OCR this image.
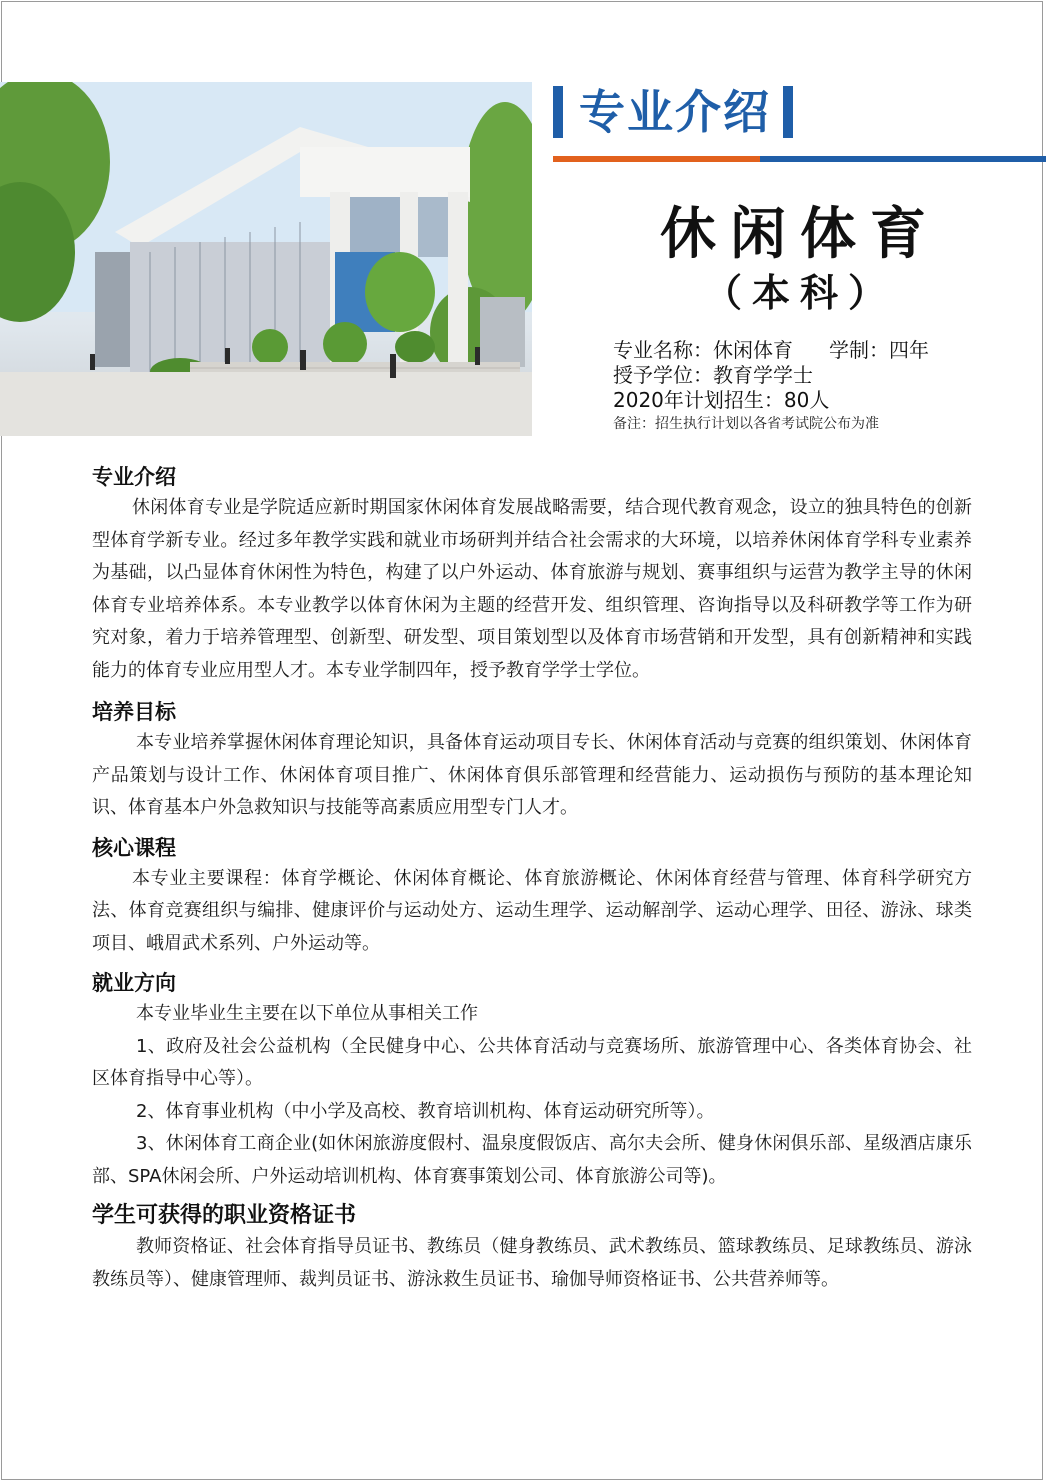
专业介绍
休闲体育
（本科）
专业名称：休闲体育 学制：四年
授予学位：教育学学士
2020年计划招生：80人
备注：招生执行计划以各省考试院公布为准
专业介绍

休闲体育专业是学院适应新时期国家休闲体育发展战略需要，结合现代教育观念，设立的独具特色的创新型体育学新专业。经过多年教学实践和就业市场研判并结合社会需求的大环境，以培养休闲体育学科专业素养为基础，以凸显体育休闲性为特色，构建了以户外运动、体育旅游与规划、赛事组织与运营为教学主导的休闲体育专业培养体系。本专业教学以体育休闲为主题的经营开发、组织管理、咨询指导以及科研教学等工作为研究对象，着力于培养管理型、创新型、研发型、项目策划型以及体育市场营销和开发型，具有创新精神和实践能力的体育专业应用型人才。本专业学制四年，授予教育学学士学位。

培养目标

本专业培养掌握休闲体育理论知识，具备体育运动项目专长、休闲体育活动与竞赛的组织策划、休闲体育产品策划与设计工作、休闲体育项目推广、休闲体育俱乐部管理和经营能力、运动损伤与预防的基本理论知识、体育基本户外急救知识与技能等高素质应用型专门人才。

核心课程

本专业主要课程：体育学概论、休闲体育概论、体育旅游概论、休闲体育经营与管理、体育科学研究方法、体育竞赛组织与编排、健康评价与运动处方、运动生理学、运动解剖学、运动心理学、田径、游泳、球类项目、峨眉武术系列、户外运动等。

就业方向

本专业毕业生主要在以下单位从事相关工作

1、政府及社会公益机构（全民健身中心、公共体育活动与竞赛场所、旅游管理中心、各类体育协会、社区体育指导中心等）。

2、体育事业机构（中小学及高校、教育培训机构、体育运动研究所等）。

3、休闲体育工商企业(如休闲旅游度假村、温泉度假饭店、高尔夫会所、健身休闲俱乐部、星级酒店康乐部、SPA休闲会所、户外运动培训机构、体育赛事策划公司、体育旅游公司等)。

学生可获得的职业资格证书

教师资格证、社会体育指导员证书、教练员（健身教练员、武术教练员、篮球教练员、足球教练员、游泳教练员等）、健康管理师、裁判员证书、游泳救生员证书、瑜伽导师资格证书、公共营养师等。
